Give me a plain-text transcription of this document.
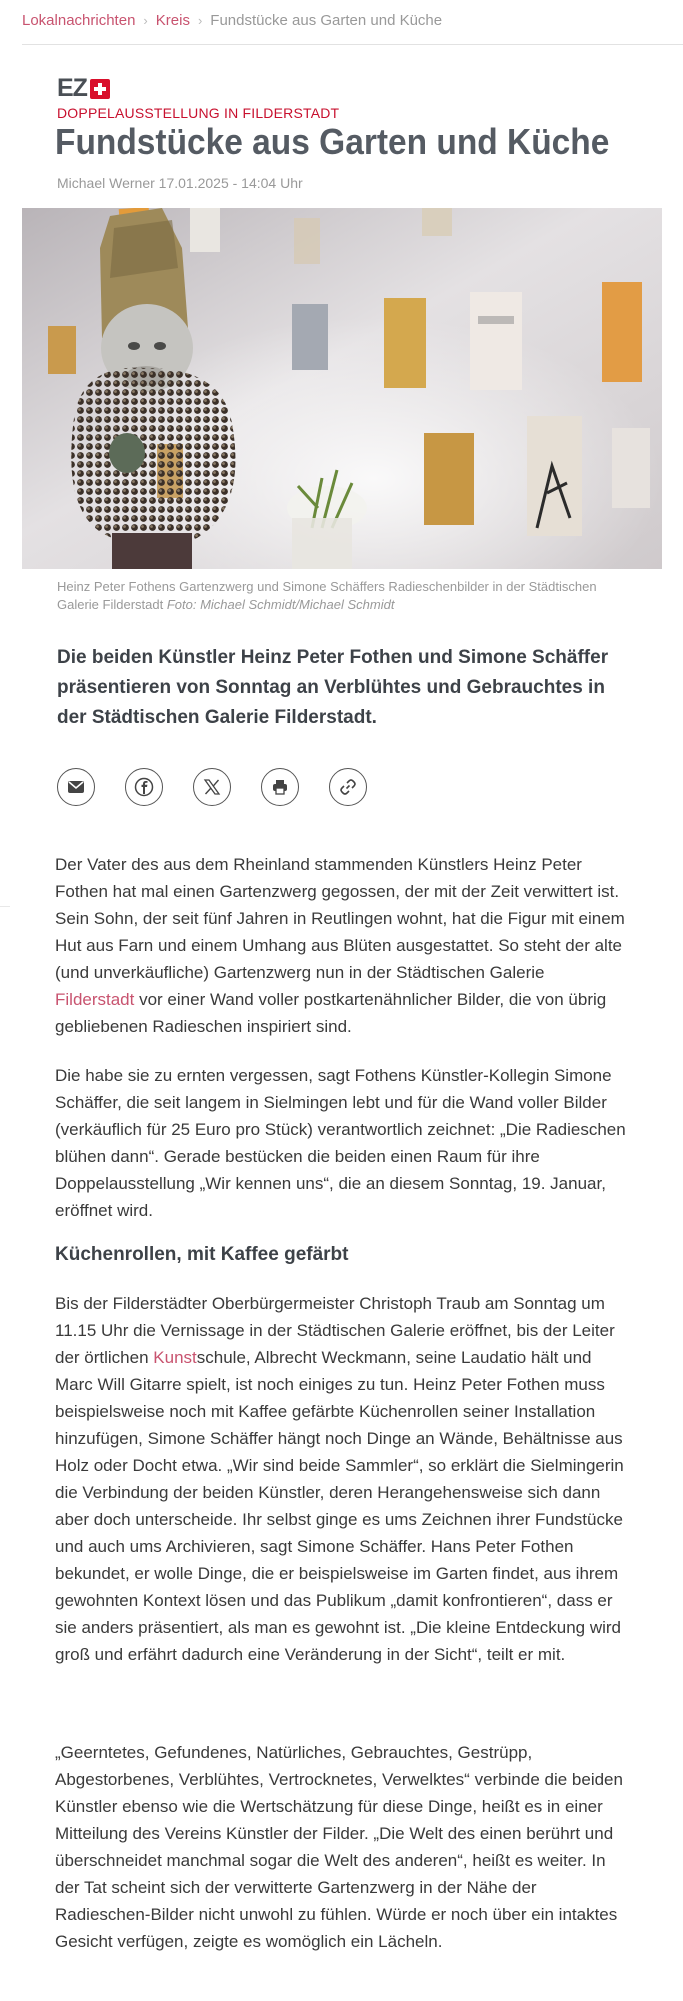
Lokalnachrichten › Kreis › Fundstücke aus Garten und Küche
EZ
DOPPELAUSSTELLUNG IN FILDERSTADT
Fundstücke aus Garten und Küche
Michael Werner 17.01.2025 - 14:04 Uhr
Heinz Peter Fothens Gartenzwerg und Simone Schäffers Radieschenbilder in der Städtischen Galerie Filderstadt Foto: Michael Schmidt/Michael Schmidt

Die beiden Künstler Heinz Peter Fothen und Simone Schäffer präsentieren von Sonntag an Verblühtes und Gebrauchtes in der Städtischen Galerie Filderstadt.

Der Vater des aus dem Rheinland stammenden Künstlers Heinz Peter Fothen hat mal einen Gartenzwerg gegossen, der mit der Zeit verwittert ist. Sein Sohn, der seit fünf Jahren in Reutlingen wohnt, hat die Figur mit einem Hut aus Farn und einem Umhang aus Blüten ausgestattet. So steht der alte (und unverkäufliche) Gartenzwerg nun in der Städtischen Galerie Filderstadt vor einer Wand voller postkartenähnlicher Bilder, die von übrig gebliebenen Radieschen inspiriert sind.

Die habe sie zu ernten vergessen, sagt Fothens Künstler-Kollegin Simone Schäffer, die seit langem in Sielmingen lebt und für die Wand voller Bilder (verkäuflich für 25 Euro pro Stück) verantwortlich zeichnet: „Die Radieschen blühen dann“. Gerade bestücken die beiden einen Raum für ihre Doppelausstellung „Wir kennen uns“, die an diesem Sonntag, 19. Januar, eröffnet wird.

Küchenrollen, mit Kaffee gefärbt

Bis der Filderstädter Oberbürgermeister Christoph Traub am Sonntag um 11.15 Uhr die Vernissage in der Städtischen Galerie eröffnet, bis der Leiter der örtlichen Kunstschule, Albrecht Weckmann, seine Laudatio hält und Marc Will Gitarre spielt, ist noch einiges zu tun. Heinz Peter Fothen muss beispielsweise noch mit Kaffee gefärbte Küchenrollen seiner Installation hinzufügen, Simone Schäffer hängt noch Dinge an Wände, Behältnisse aus Holz oder Docht etwa. „Wir sind beide Sammler“, so erklärt die Sielmingerin die Verbindung der beiden Künstler, deren Herangehensweise sich dann aber doch unterscheide. Ihr selbst ginge es ums Zeichnen ihrer Fundstücke und auch ums Archivieren, sagt Simone Schäffer. Hans Peter Fothen bekundet, er wolle Dinge, die er beispielsweise im Garten findet, aus ihrem gewohnten Kontext lösen und das Publikum „damit konfrontieren“, dass er sie anders präsentiert, als man es gewohnt ist. „Die kleine Entdeckung wird groß und erfährt dadurch eine Veränderung in der Sicht“, teilt er mit.

„Geerntetes, Gefundenes, Natürliches, Gebrauchtes, Gestrüpp, Abgestorbenes, Verblühtes, Vertrocknetes, Verwelktes“ verbinde die beiden Künstler ebenso wie die Wertschätzung für diese Dinge, heißt es in einer Mitteilung des Vereins Künstler der Filder. „Die Welt des einen berührt und überschneidet manchmal sogar die Welt des anderen“, heißt es weiter. In der Tat scheint sich der verwitterte Gartenzwerg in der Nähe der Radieschen-Bilder nicht unwohl zu fühlen. Würde er noch über ein intaktes Gesicht verfügen, zeigte es womöglich ein Lächeln.
